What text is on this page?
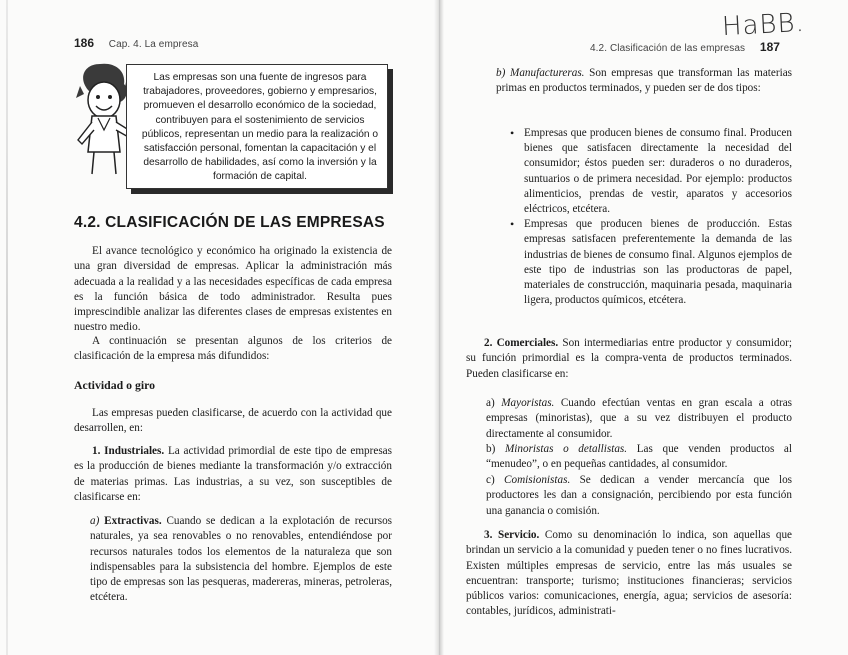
186 Cap. 4. La empresa

Las empresas son una fuente de ingresos para trabajadores, proveedores, gobierno y empresarios, promueven el desarrollo económico de la sociedad, contribuyen para el sostenimiento de servicios públicos, representan un medio para la realización o satisfacción personal, fomentan la capacitación y el desarrollo de habilidades, así como la inversión y la formación de capital.

4.2. CLASIFICACIÓN DE LAS EMPRESAS

El avance tecnológico y económico ha originado la existencia de una gran diversidad de empresas. Aplicar la administración más adecuada a la realidad y a las necesidades específicas de cada empresa es la función básica de todo administrador. Resulta pues imprescindible analizar las diferentes clases de empresas existentes en nuestro medio.

A continuación se presentan algunos de los criterios de clasificación de la empresa más difundidos:

Actividad o giro

Las empresas pueden clasificarse, de acuerdo con la actividad que desarrollen, en:

1. Industriales. La actividad primordial de este tipo de empresas es la producción de bienes mediante la transformación y/o extracción de materias primas. Las industrias, a su vez, son susceptibles de clasificarse en:

a) Extractivas. Cuando se dedican a la explotación de recursos naturales, ya sea renovables o no renovables, entendiéndose por recursos naturales todos los elementos de la naturaleza que son indispensables para la subsistencia del hombre. Ejemplos de este tipo de empresas son las pesqueras, madereras, mineras, petroleras, etcétera.

4.2. Clasificación de las empresas 187
HaBB.

b) Manufactureras. Son empresas que transforman las materias primas en productos terminados, y pueden ser de dos tipos:

• Empresas que producen bienes de consumo final. Producen bienes que satisfacen directamente la necesidad del consumidor; éstos pueden ser: duraderos o no duraderos, suntuarios o de primera necesidad. Por ejemplo: productos alimenticios, prendas de vestir, aparatos y accesorios eléctricos, etcétera.
• Empresas que producen bienes de producción. Estas empresas satisfacen preferentemente la demanda de las industrias de bienes de consumo final. Algunos ejemplos de este tipo de industrias son las productoras de papel, materiales de construcción, maquinaria pesada, maquinaria ligera, productos químicos, etcétera.

2. Comerciales. Son intermediarias entre productor y consumidor; su función primordial es la compra-venta de productos terminados. Pueden clasificarse en:

a) Mayoristas. Cuando efectúan ventas en gran escala a otras empresas (minoristas), que a su vez distribuyen el producto directamente al consumidor.

b) Minoristas o detallistas. Las que venden productos al “menudeo”, o en pequeñas cantidades, al consumidor.

c) Comisionistas. Se dedican a vender mercancía que los productores les dan a consignación, percibiendo por esta función una ganancia o comisión.

3. Servicio. Como su denominación lo indica, son aquellas que brindan un servicio a la comunidad y pueden tener o no fines lucrativos. Existen múltiples empresas de servicio, entre las más usuales se encuentran: transporte; turismo; instituciones financieras; servicios públicos varios: comunicaciones, energía, agua; servicios de asesoría: contables, jurídicos, administrati-
